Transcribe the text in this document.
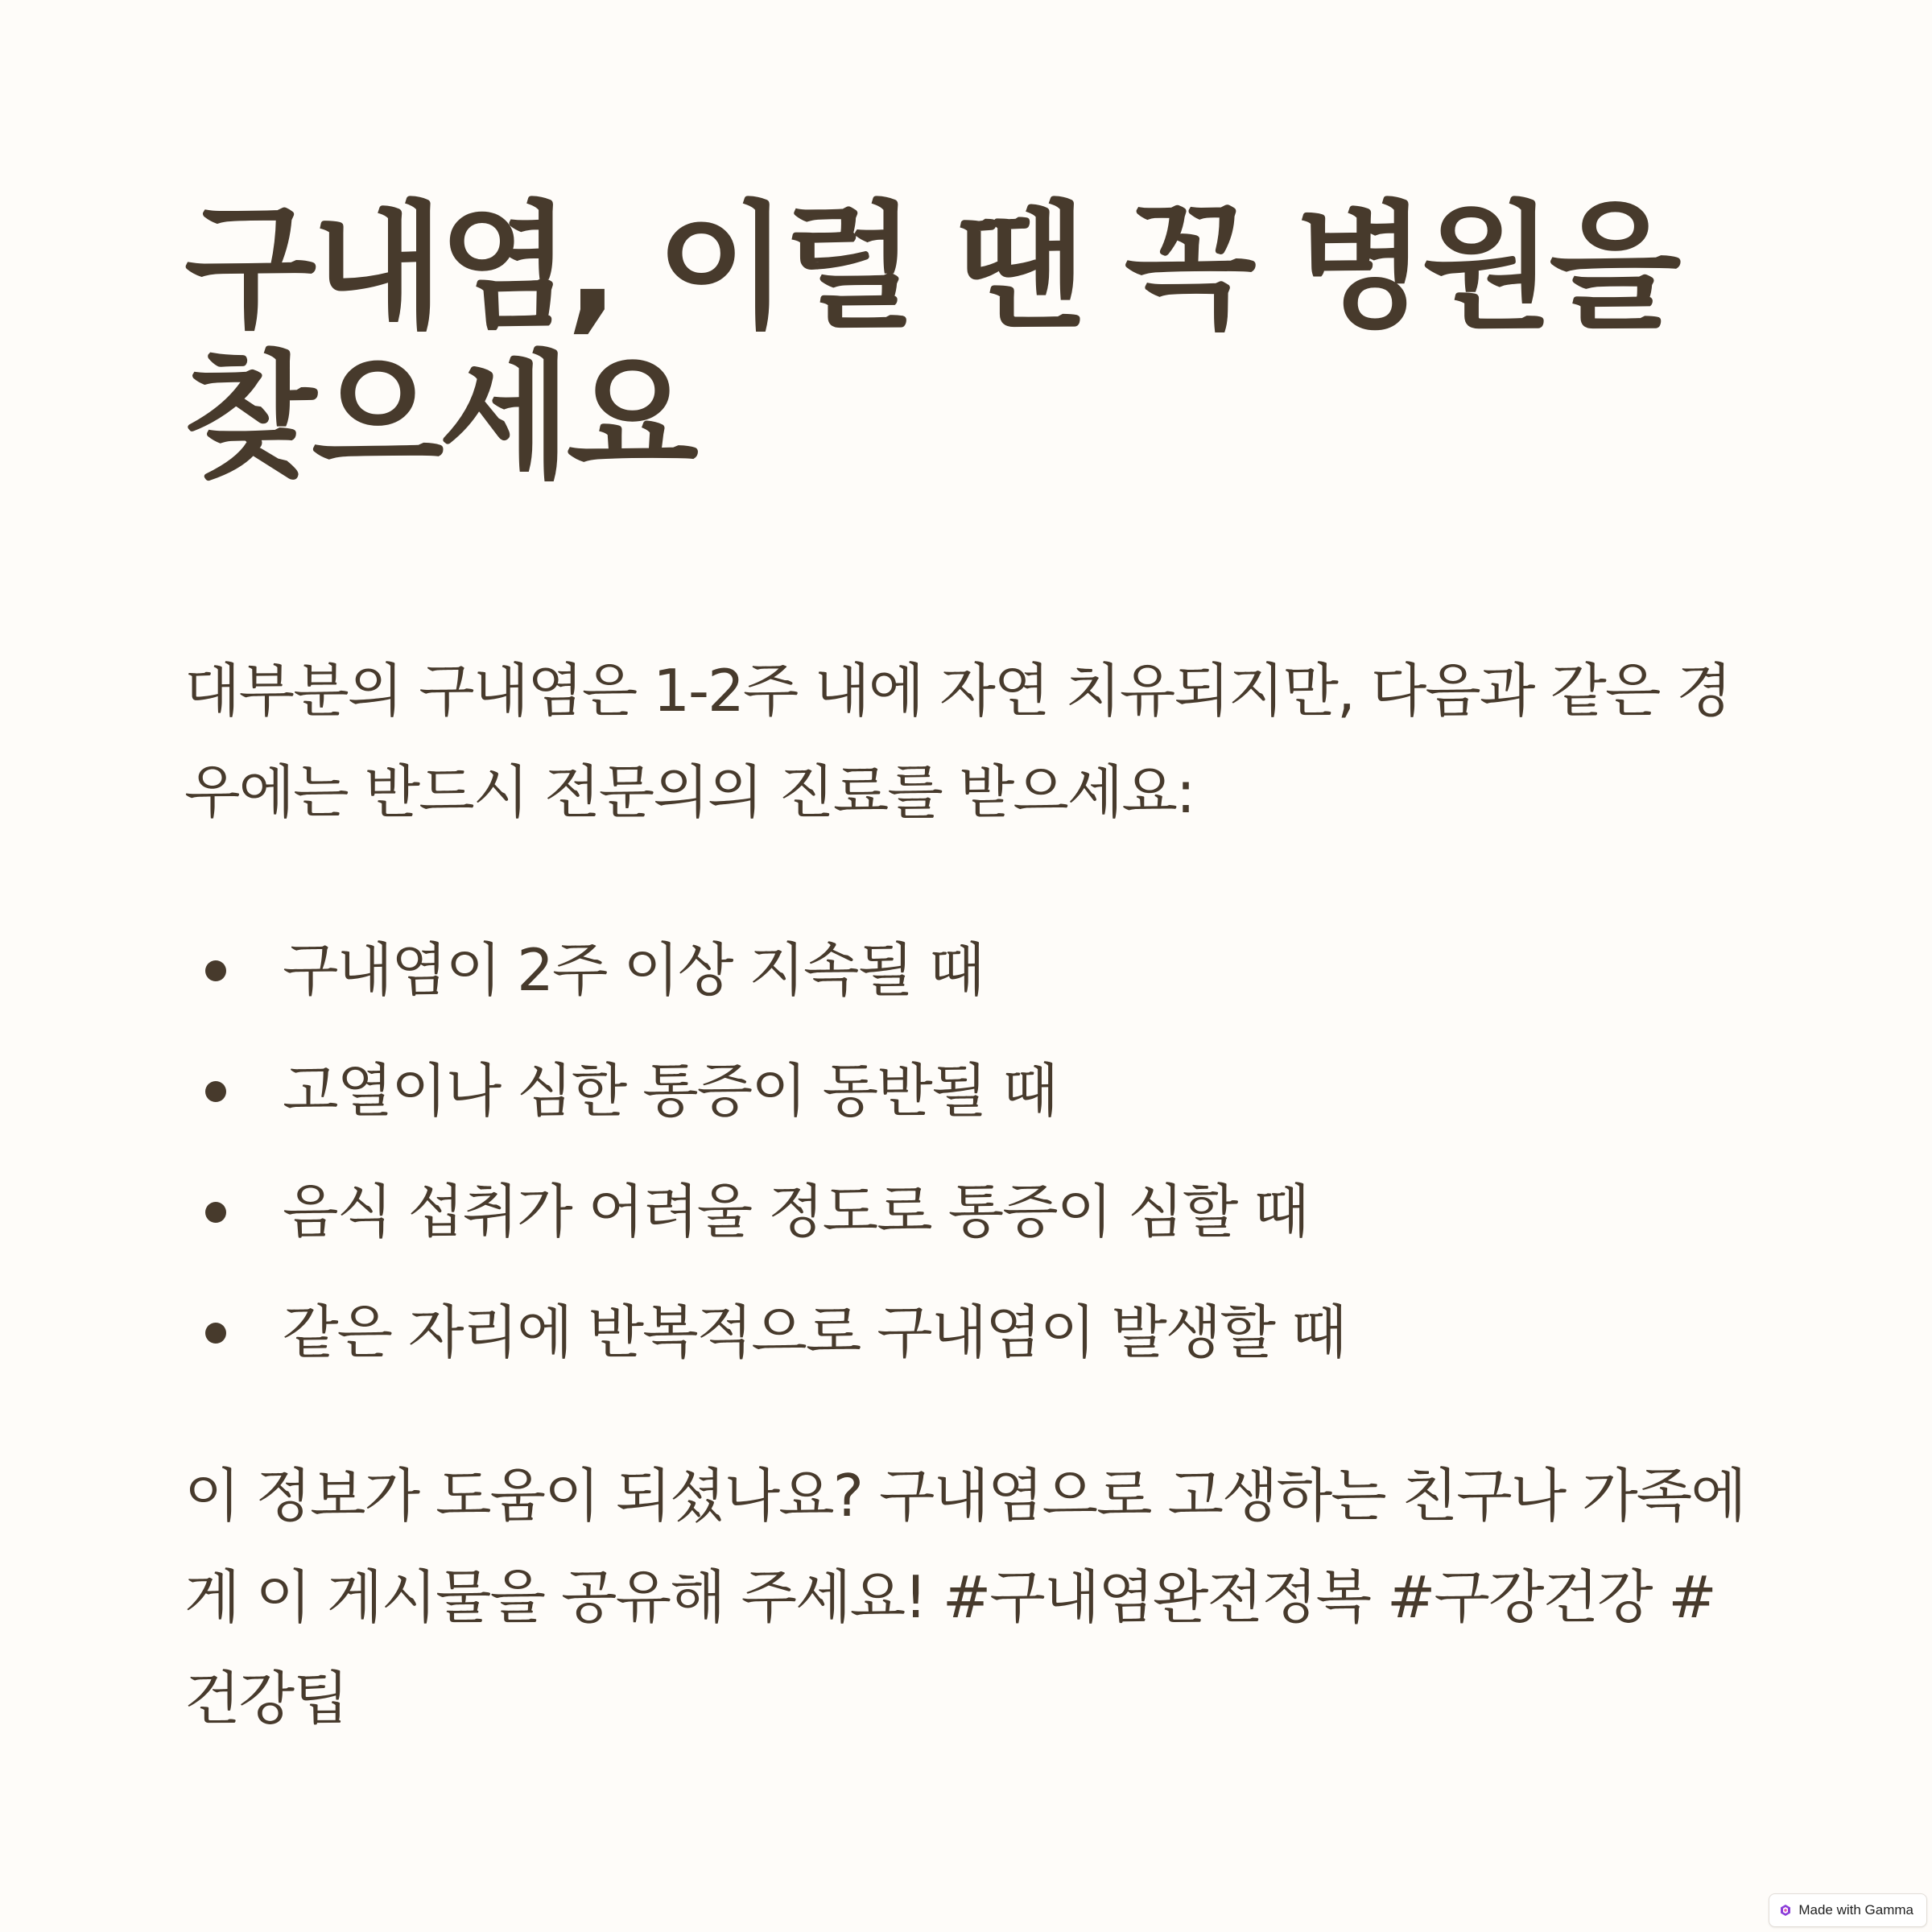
구내염, 이럴 땐 꼭 병원을 찾으세요

대부분의 구내염은 1-2주 내에 자연 치유되지만, 다음과 같은 경우에는 반드시 전문의의 진료를 받으세요:

구내염이 2주 이상 지속될 때
고열이나 심한 통증이 동반될 때
음식 섭취가 어려울 정도로 통증이 심할 때
같은 자리에 반복적으로 구내염이 발생할 때

이 정보가 도움이 되셨나요? 구내염으로 고생하는 친구나 가족에게 이 게시물을 공유해 주세요! #구내염완전정복 #구강건강 #건강팁

Made with Gamma
